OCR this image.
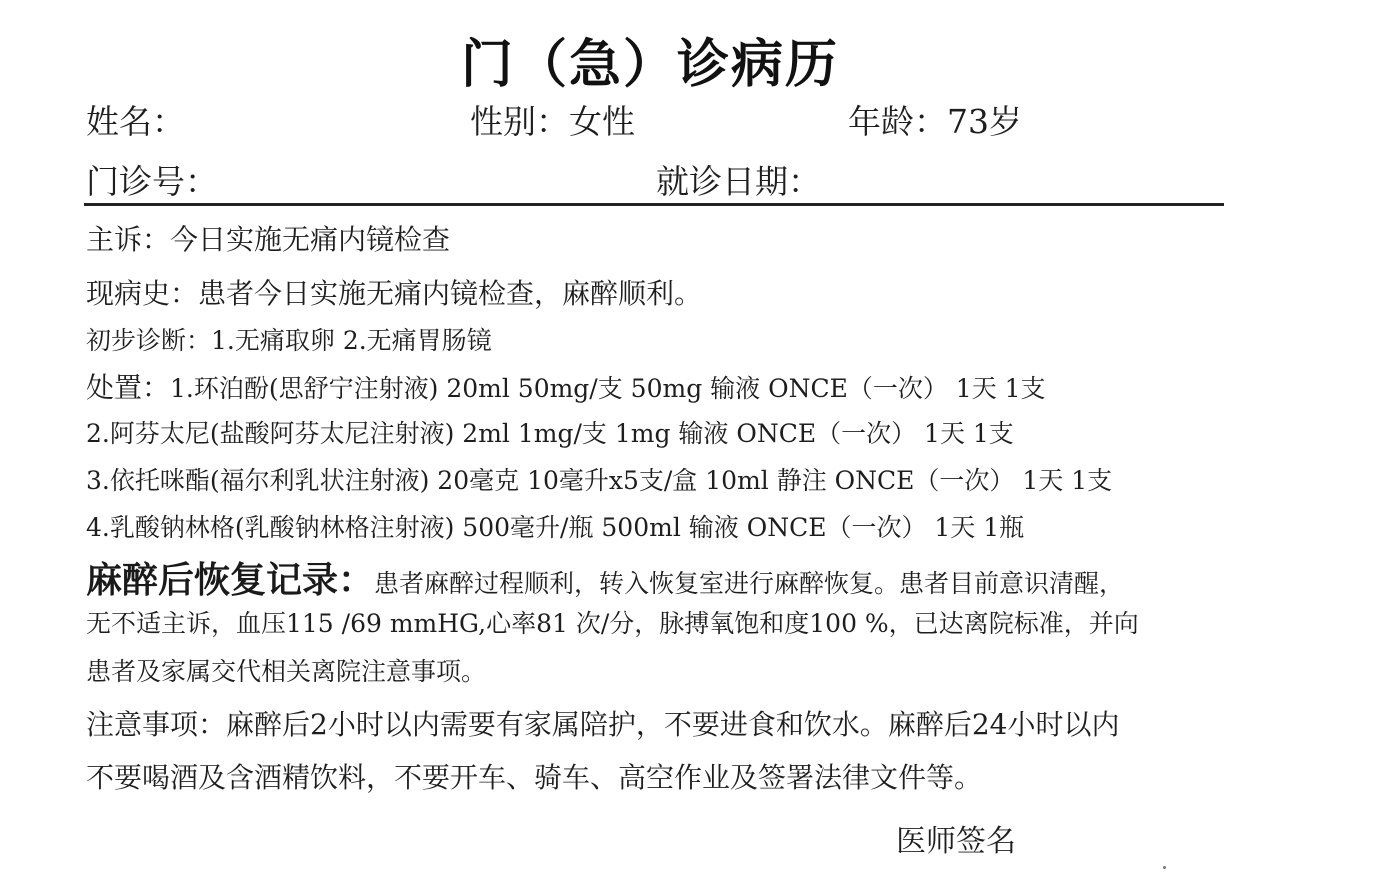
门（急）诊病历
姓名：	性别：女性	年龄：73岁
门诊号：	就诊日期：
主诉：今日实施无痛内镜检查
现病史：患者今日实施无痛内镜检查，麻醉顺利。
初步诊断：1.无痛取卵 2.无痛胃肠镜
处置：1.环泊酚(思舒宁注射液) 20ml 50mg/支 50mg 输液 ONCE（一次） 1天 1支
2.阿芬太尼(盐酸阿芬太尼注射液) 2ml 1mg/支 1mg 输液 ONCE（一次） 1天 1支
3.依托咪酯(福尔利乳状注射液) 20毫克 10毫升x5支/盒 10ml 静注 ONCE（一次） 1天 1支
4.乳酸钠林格(乳酸钠林格注射液) 500毫升/瓶 500ml 输液 ONCE（一次） 1天 1瓶
麻醉后恢复记录：患者麻醉过程顺利，转入恢复室进行麻醉恢复。患者目前意识清醒，
无不适主诉，血压115 /69 mmHG,心率81 次/分，脉搏氧饱和度100 %，已达离院标准，并向
患者及家属交代相关离院注意事项。
注意事项：麻醉后2小时以内需要有家属陪护，不要进食和饮水。麻醉后24小时以内
不要喝酒及含酒精饮料，不要开车、骑车、高空作业及签署法律文件等。
医师签名
